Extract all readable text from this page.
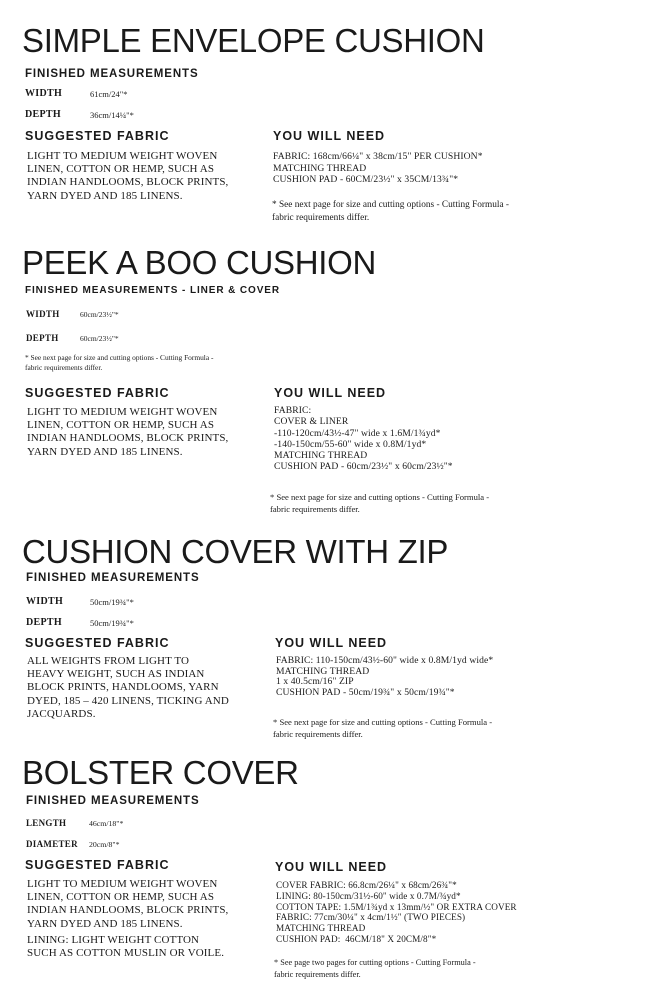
SIMPLE ENVELOPE CUSHION
FINISHED MEASUREMENTS
WIDTH	61cm/24"*
DEPTH	36cm/14¼"*
SUGGESTED FABRIC
LIGHT TO MEDIUM WEIGHT WOVEN
LINEN, COTTON OR HEMP, SUCH AS
INDIAN HANDLOOMS, BLOCK PRINTS,
YARN DYED AND 185 LINENS.
YOU WILL NEED
FABRIC: 168cm/66¼" x 38cm/15" PER CUSHION*
MATCHING THREAD
CUSHION PAD - 60CM/23½" x 35CM/13¾"*
* See next page for size and cutting options - Cutting Formula -
fabric requirements differ.
PEEK A BOO CUSHION
FINISHED MEASUREMENTS - LINER & COVER
WIDTH	60cm/23½"*
DEPTH	60cm/23½"*
* See next page for size and cutting options - Cutting Formula -
fabric requirements differ.
SUGGESTED FABRIC
LIGHT TO MEDIUM WEIGHT WOVEN
LINEN, COTTON OR HEMP, SUCH AS
INDIAN HANDLOOMS, BLOCK PRINTS,
YARN DYED AND 185 LINENS.
YOU WILL NEED
FABRIC:
COVER & LINER
-110-120cm/43½-47" wide x 1.6M/1¾yd*
-140-150cm/55-60" wide x 0.8M/1yd*
MATCHING THREAD
CUSHION PAD - 60cm/23½" x 60cm/23½"*
* See next page for size and cutting options - Cutting Formula -
fabric requirements differ.
CUSHION COVER WITH ZIP
FINISHED MEASUREMENTS
WIDTH	50cm/19¾"*
DEPTH	50cm/19¾"*
SUGGESTED FABRIC
ALL WEIGHTS FROM LIGHT TO
HEAVY WEIGHT, SUCH AS INDIAN
BLOCK PRINTS, HANDLOOMS, YARN
DYED, 185 – 420 LINENS, TICKING AND
JACQUARDS.
YOU WILL NEED
FABRIC: 110-150cm/43½-60" wide x 0.8M/1yd wide*
MATCHING THREAD
1 x 40.5cm/16" ZIP
CUSHION PAD - 50cm/19¾" x 50cm/19¾"*
* See next page for size and cutting options - Cutting Formula -
fabric requirements differ.
BOLSTER COVER
FINISHED MEASUREMENTS
LENGTH	46cm/18"*
DIAMETER 20cm/8"*
SUGGESTED FABRIC
LIGHT TO MEDIUM WEIGHT WOVEN
LINEN, COTTON OR HEMP, SUCH AS
INDIAN HANDLOOMS, BLOCK PRINTS,
YARN DYED AND 185 LINENS.
LINING: LIGHT WEIGHT COTTON
SUCH AS COTTON MUSLIN OR VOILE.
YOU WILL NEED
COVER FABRIC: 66.8cm/26¼" x 68cm/26¾"*
LINING: 80-150cm/31½-60" wide x 0.7M/¾yd*
COTTON TAPE: 1.5M/1¾yd x 13mm/½" OR EXTRA COVER
FABRIC: 77cm/30¼" x 4cm/1½" (TWO PIECES)
MATCHING THREAD
CUSHION PAD:  46CM/18" X 20CM/8"*
* See page two pages for cutting options - Cutting Formula -
fabric requirements differ.
